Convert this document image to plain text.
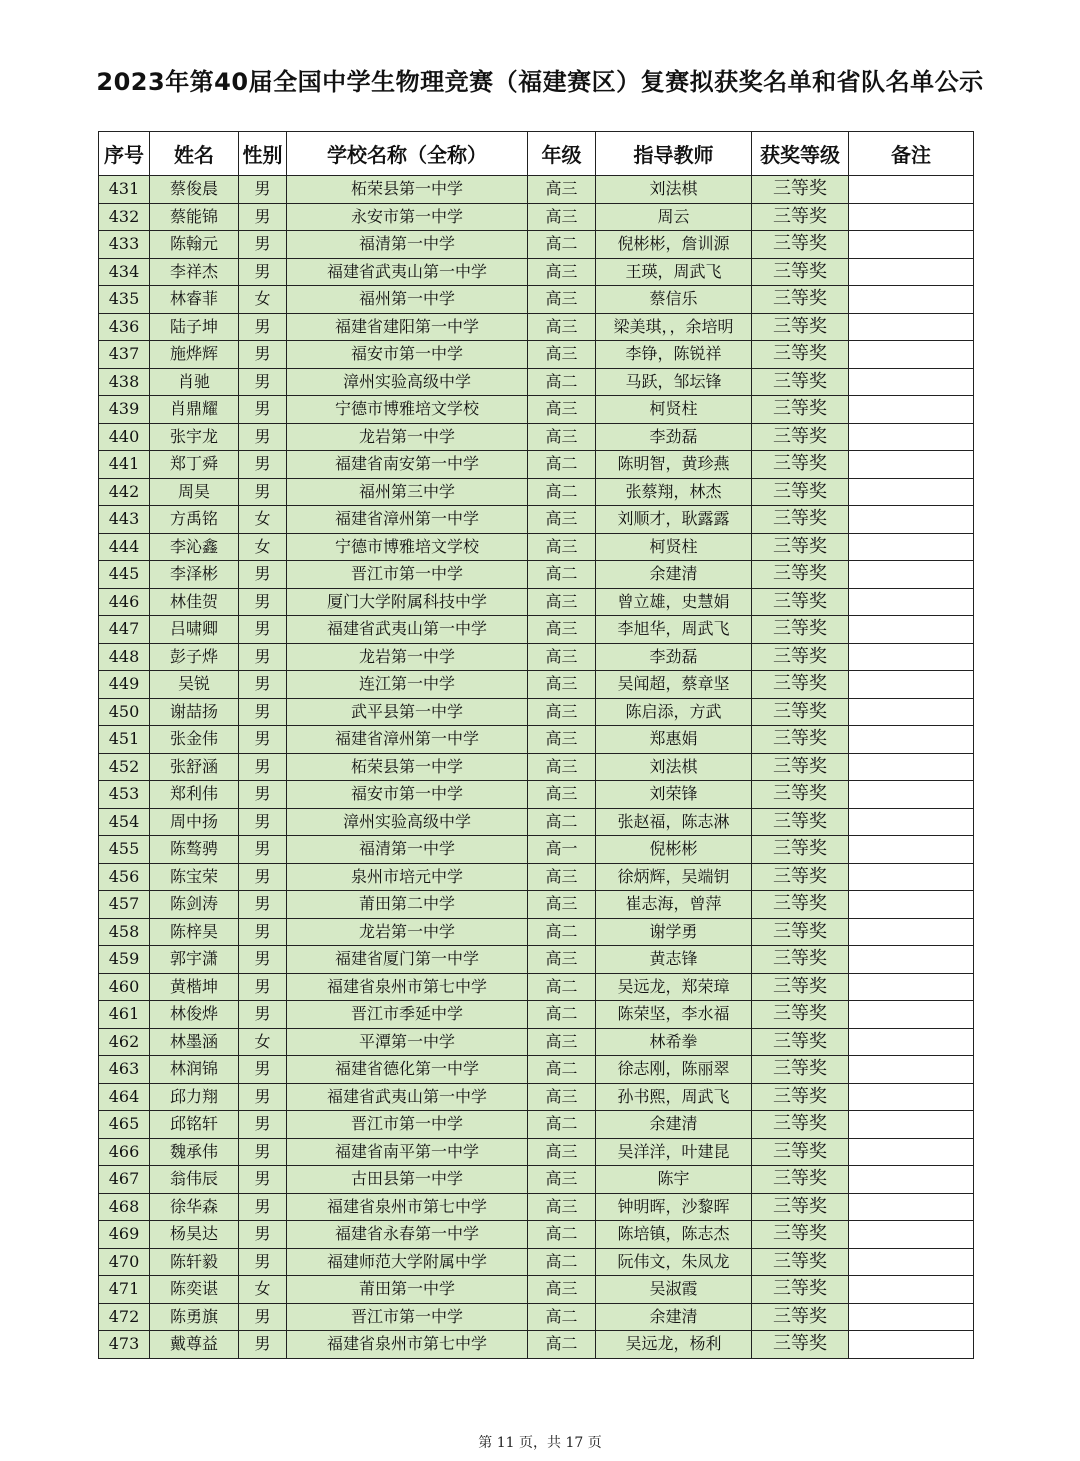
2023年第40届全国中学生物理竞赛（福建赛区）复赛拟获奖名单和省队名单公示
序号	姓名	性别	学校名称（全称）	年级	指导教师	获奖等级	备注
431	蔡俊晨	男	柘荣县第一中学	高三	刘法棋	三等奖	
432	蔡能锦	男	永安市第一中学	高三	周云	三等奖	
433	陈翰元	男	福清第一中学	高二	倪彬彬，詹训源	三等奖	
434	李祥杰	男	福建省武夷山第一中学	高三	王瑛，周武飞	三等奖	
435	林睿菲	女	福州第一中学	高三	蔡信乐	三等奖	
436	陆子坤	男	福建省建阳第一中学	高三	梁美琪，，余培明	三等奖	
437	施烨辉	男	福安市第一中学	高三	李铮，陈锐祥	三等奖	
438	肖驰	男	漳州实验高级中学	高二	马跃，邹坛锋	三等奖	
439	肖鼎耀	男	宁德市博雅培文学校	高三	柯贤柱	三等奖	
440	张宇龙	男	龙岩第一中学	高三	李劲磊	三等奖	
441	郑丁舜	男	福建省南安第一中学	高二	陈明智，黄珍燕	三等奖	
442	周昊	男	福州第三中学	高二	张蔡翔，林杰	三等奖	
443	方禹铭	女	福建省漳州第一中学	高三	刘顺才，耿露露	三等奖	
444	李沁鑫	女	宁德市博雅培文学校	高三	柯贤柱	三等奖	
445	李泽彬	男	晋江市第一中学	高二	余建清	三等奖	
446	林佳贺	男	厦门大学附属科技中学	高三	曾立雄，史慧娟	三等奖	
447	吕啸卿	男	福建省武夷山第一中学	高三	李旭华，周武飞	三等奖	
448	彭子烨	男	龙岩第一中学	高三	李劲磊	三等奖	
449	吴锐	男	连江第一中学	高三	吴闻超，蔡章坚	三等奖	
450	谢喆扬	男	武平县第一中学	高三	陈启添，方武	三等奖	
451	张金伟	男	福建省漳州第一中学	高三	郑惠娟	三等奖	
452	张舒涵	男	柘荣县第一中学	高三	刘法棋	三等奖	
453	郑利伟	男	福安市第一中学	高三	刘荣锋	三等奖	
454	周中扬	男	漳州实验高级中学	高二	张赵福，陈志淋	三等奖	
455	陈骜骋	男	福清第一中学	高一	倪彬彬	三等奖	
456	陈宝荣	男	泉州市培元中学	高三	徐炳辉，吴端钥	三等奖	
457	陈剑涛	男	莆田第二中学	高三	崔志海，曾萍	三等奖	
458	陈梓昊	男	龙岩第一中学	高二	谢学勇	三等奖	
459	郭宇潇	男	福建省厦门第一中学	高三	黄志锋	三等奖	
460	黄楷坤	男	福建省泉州市第七中学	高二	吴远龙，郑荣璋	三等奖	
461	林俊烨	男	晋江市季延中学	高二	陈荣坚，李水福	三等奖	
462	林墨涵	女	平潭第一中学	高三	林希拳	三等奖	
463	林润锦	男	福建省德化第一中学	高二	徐志刚，陈丽翠	三等奖	
464	邱力翔	男	福建省武夷山第一中学	高三	孙书熙，周武飞	三等奖	
465	邱铭轩	男	晋江市第一中学	高二	余建清	三等奖	
466	魏承伟	男	福建省南平第一中学	高三	吴洋洋，叶建昆	三等奖	
467	翁伟辰	男	古田县第一中学	高三	陈宇	三等奖	
468	徐华森	男	福建省泉州市第七中学	高三	钟明晖，沙黎晖	三等奖	
469	杨昊达	男	福建省永春第一中学	高二	陈培镇，陈志杰	三等奖	
470	陈轩毅	男	福建师范大学附属中学	高二	阮伟文，朱凤龙	三等奖	
471	陈奕谌	女	莆田第一中学	高三	吴淑霞	三等奖	
472	陈勇旗	男	晋江市第一中学	高二	余建清	三等奖	
473	戴尊益	男	福建省泉州市第七中学	高二	吴远龙，杨利	三等奖	
第 11 页，共 17 页
